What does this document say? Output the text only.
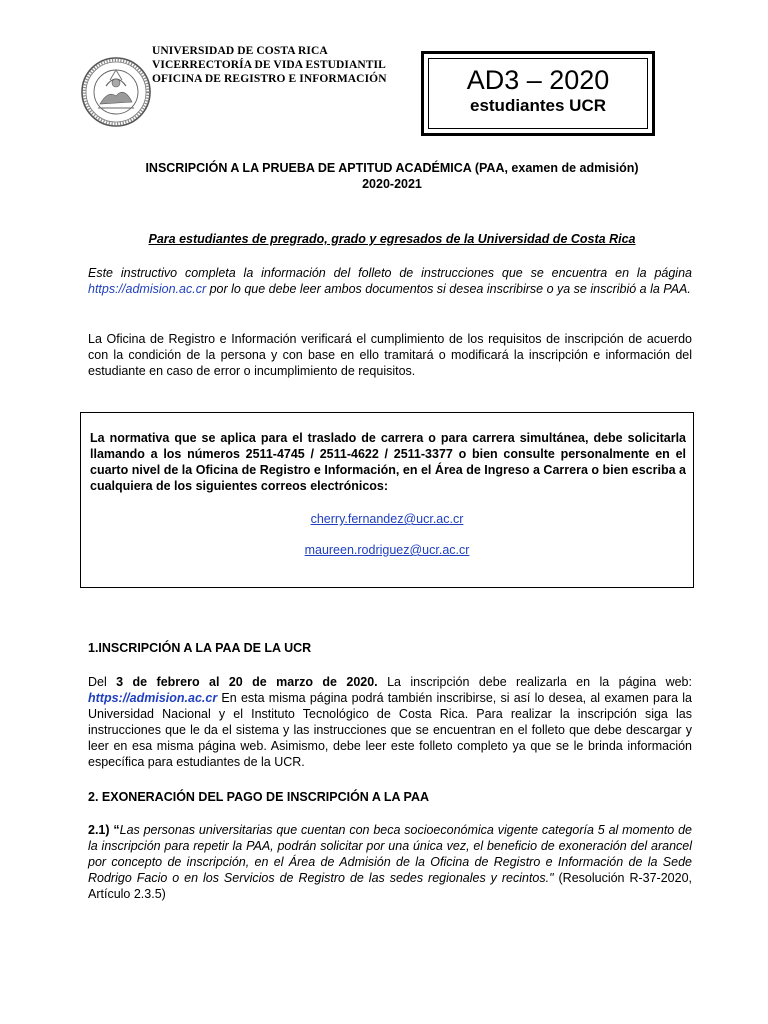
UNIVERSIDAD DE COSTA RICA
VICERRECTORÍA DE VIDA ESTUDIANTIL
OFICINA DE REGISTRO E INFORMACIÓN	AD3 – 2020
estudiantes UCR
INSCRIPCIÓN A LA PRUEBA DE APTITUD ACADÉMICA (PAA, examen de admisión)
2020-2021
Para estudiantes de pregrado, grado y egresados de la Universidad de Costa Rica
Este instructivo completa la información del folleto de instrucciones que se encuentra en la página https://admision.ac.cr por lo que debe leer ambos documentos si desea inscribirse o ya se inscribió a la PAA.
La Oficina de Registro e Información verificará el cumplimiento de los requisitos de inscripción de acuerdo con la condición de la persona y con base en ello tramitará o modificará la inscripción e información del estudiante en caso de error o incumplimiento de requisitos.
La normativa que se aplica para el traslado de carrera o para carrera simultánea, debe solicitarla llamando a los números 2511-4745 / 2511-4622 / 2511-3377 o bien consulte personalmente en el cuarto nivel de la Oficina de Registro e Información, en el Área de Ingreso a Carrera o bien escriba a cualquiera de los siguientes correos electrónicos:
cherry.fernandez@ucr.ac.cr
maureen.rodriguez@ucr.ac.cr
1.INSCRIPCIÓN A LA PAA DE LA UCR
Del 3 de febrero al 20 de marzo de 2020. La inscripción debe realizarla en la página web: https://admision.ac.cr En esta misma página podrá también inscribirse, si así lo desea, al examen para la Universidad Nacional y el Instituto Tecnológico de Costa Rica. Para realizar la inscripción siga las instrucciones que le da el sistema y las instrucciones que se encuentran en el folleto que debe descargar y leer en esa misma página web. Asimismo, debe leer este folleto completo ya que se le brinda información específica para estudiantes de la UCR.
2. EXONERACIÓN DEL PAGO DE INSCRIPCIÓN A LA PAA
2.1) “Las personas universitarias que cuentan con beca socioeconómica vigente categoría 5 al momento de la inscripción para repetir la PAA, podrán solicitar por una única vez, el beneficio de exoneración del arancel por concepto de inscripción, en el Área de Admisión de la Oficina de Registro e Información de la Sede Rodrigo Facio o en los Servicios de Registro de las sedes regionales y recintos." (Resolución R-37-2020, Artículo 2.3.5)
